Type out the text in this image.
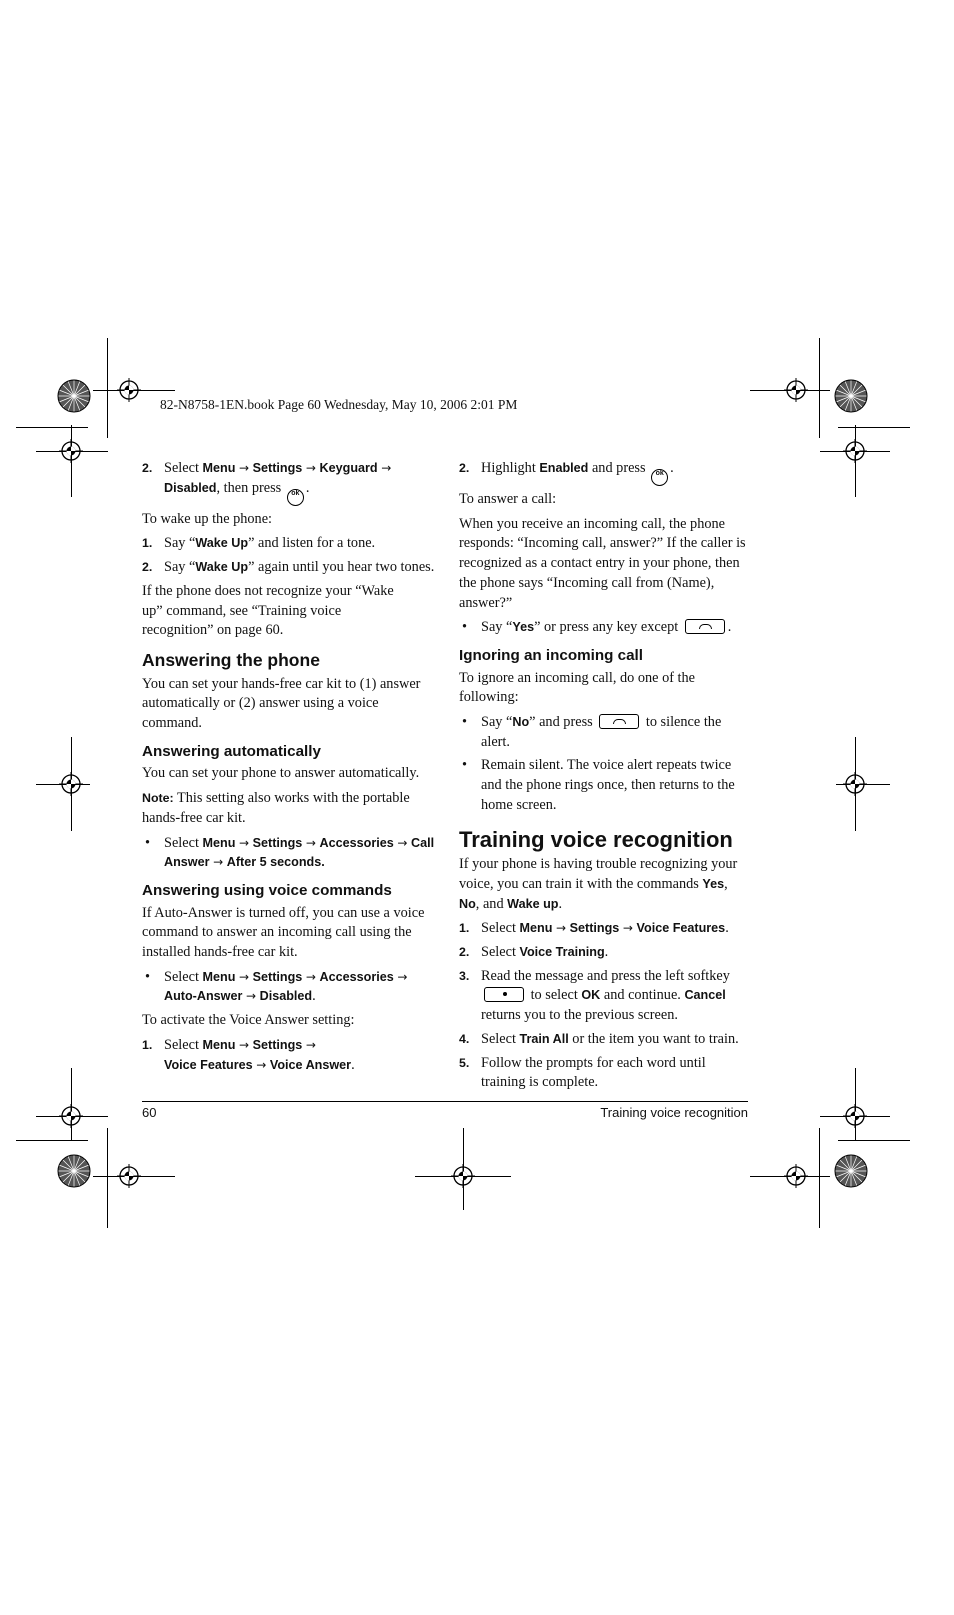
82-N8758-1EN.book Page 60 Wednesday, May 10, 2006 2:01 PM
2. Select Menu → Settings → Keyguard → Disabled, then press ok .

To wake up the phone:

1. Say “Wake Up” and listen for a tone.
2. Say “Wake Up” again until you hear two tones.

If the phone does not recognize your “Wake up” command, see “Training voice recognition” on page 60.

Answering the phone

You can set your hands-free car kit to (1) answer automatically or (2) answer using a voice command.

Answering automatically

You can set your phone to answer automatically.

Note: This setting also works with the portable hands-free car kit.

• Select Menu → Settings → Accessories → Call Answer → After 5 seconds.
Answering using voice commands

If Auto-Answer is turned off, you can use a voice command to answer an incoming call using the installed hands-free car kit.

• Select Menu → Settings → Accessories → Auto-Answer → Disabled.

To activate the Voice Answer setting:

1. Select Menu → Settings →
Voice Features → Voice Answer.
2. Highlight Enabled and press ok .

To answer a call:

When you receive an incoming call, the phone responds: “Incoming call, answer?” If the caller is recognized as a contact entry in your phone, then the phone says “Incoming call from (Name), answer?”

• Say “Yes” or press any key except	.
Ignoring an incoming call

To ignore an incoming call, do one of the following:

• Say “No” and press	to silence the alert.
• Remain silent. The voice alert repeats twice and the phone rings once, then returns to the home screen.
Training voice recognition

If your phone is having trouble recognizing your voice, you can train it with the commands Yes, No, and Wake up.

1. Select Menu → Settings → Voice Features.
2. Select Voice Training.
3. Read the message and press the left softkey  to select OK and continue. Cancel returns you to the previous screen.
4. Select Train All or the item you want to train.
5. Follow the prompts for each word until training is complete.
60	Training voice recognition
